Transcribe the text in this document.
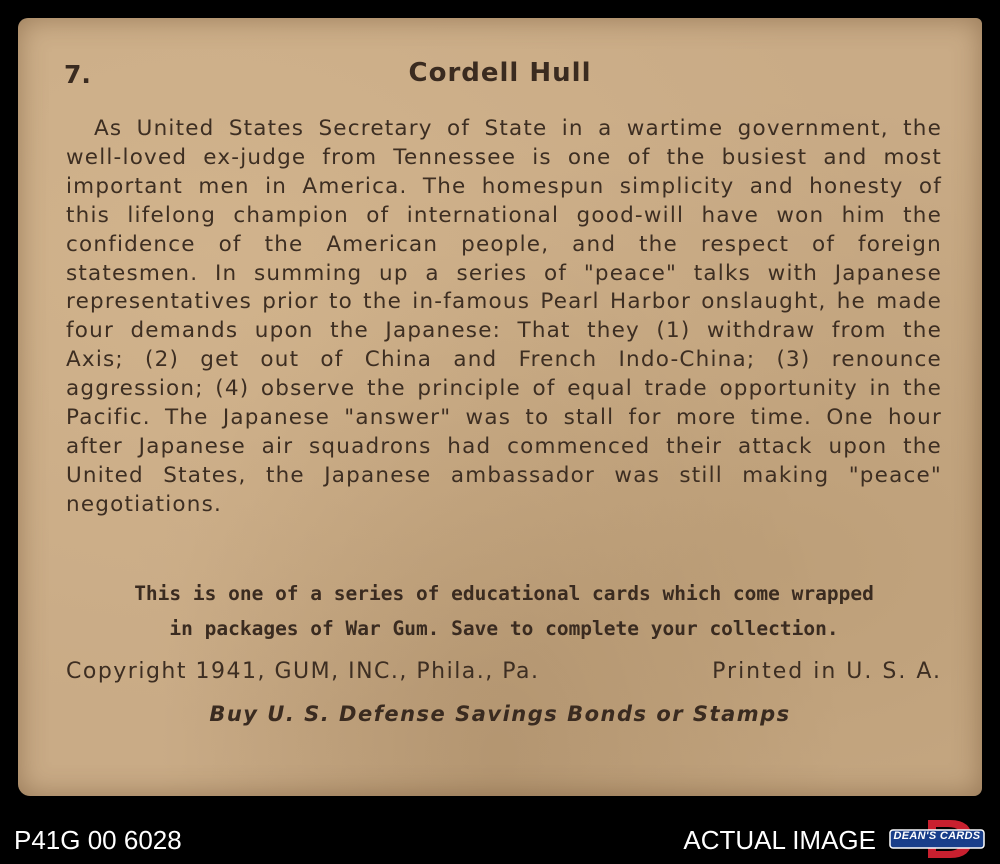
7.	Cordell Hull

As United States Secretary of State in a wartime government, the well-loved ex-judge from Tennessee is one of the busiest and most important men in America. The homespun simplicity and honesty of this lifelong champion of international good-will have won him the confidence of the American people, and the respect of foreign statesmen. In summing up a series of "peace" talks with Japanese representatives prior to the in-famous Pearl Harbor onslaught, he made four demands upon the Japanese: That they (1) withdraw from the Axis; (2) get out of China and French Indo-China; (3) renounce aggression; (4) observe the principle of equal trade opportunity in the Pacific. The Japanese "answer" was to stall for more time. One hour after Japanese air squadrons had commenced their attack upon the United States, the Japanese ambassador was still making "peace" negotiations.

This is one of a series of educational cards which come wrapped
in packages of War Gum. Save to complete your collection.

Copyright 1941, GUM, INC., Phila., Pa.	Printed in U. S. A.

Buy U. S. Defense Savings Bonds or Stamps

P41G 00 6028	ACTUAL IMAGE	DEAN'S CARDS
